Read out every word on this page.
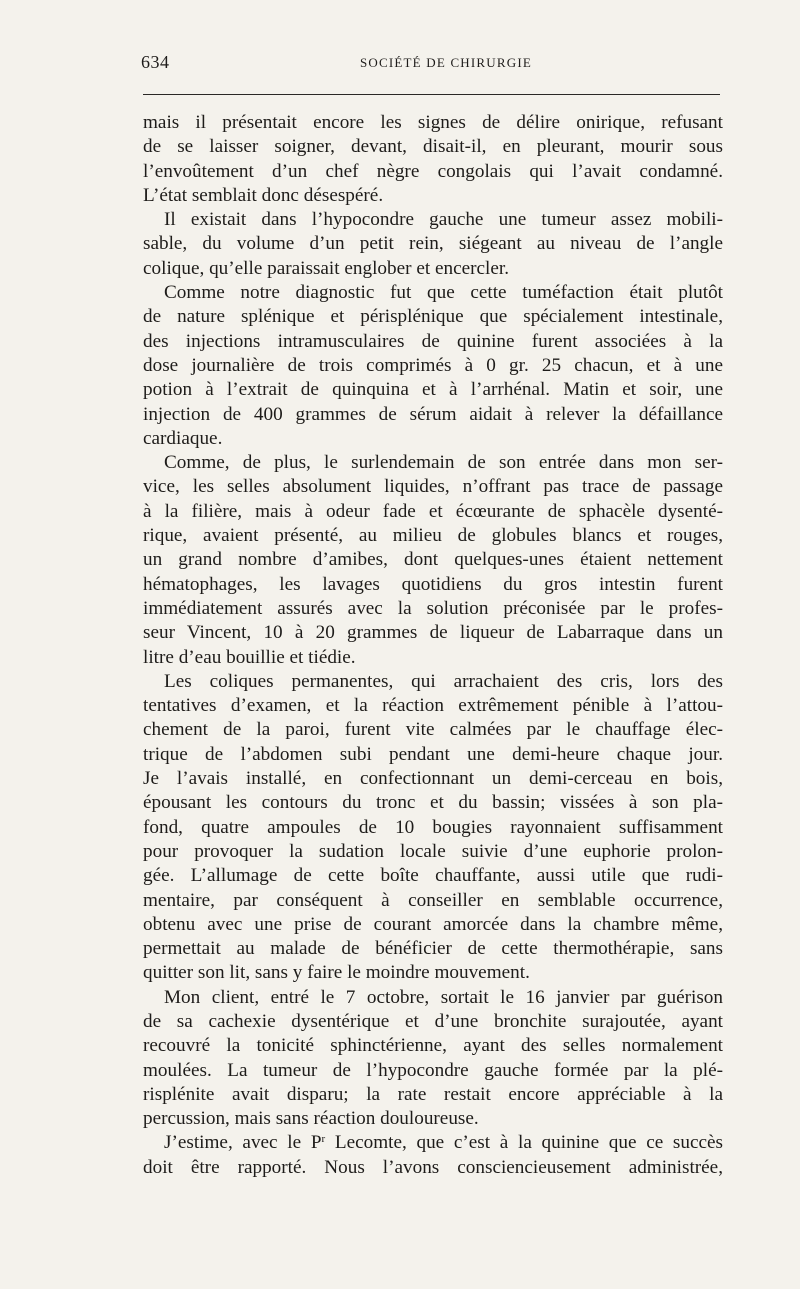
634	SOCIÉTÉ DE CHIRURGIE
mais il présentait encore les signes de délire onirique, refusant
de se laisser soigner, devant, disait-il, en pleurant, mourir sous
l’envoûtement d’un chef nègre congolais qui l’avait condamné.
L’état semblait donc désespéré.
Il existait dans l’hypocondre gauche une tumeur assez mobili-
sable, du volume d’un petit rein, siégeant au niveau de l’angle
colique, qu’elle paraissait englober et encercler.
Comme notre diagnostic fut que cette tuméfaction était plutôt
de nature splénique et périsplénique que spécialement intestinale,
des injections intramusculaires de quinine furent associées à la
dose journalière de trois comprimés à 0 gr. 25 chacun, et à une
potion à l’extrait de quinquina et à l’arrhénal. Matin et soir, une
injection de 400 grammes de sérum aidait à relever la défaillance
cardiaque.
Comme, de plus, le surlendemain de son entrée dans mon ser-
vice, les selles absolument liquides, n’offrant pas trace de passage
à la filière, mais à odeur fade et écœurante de sphacèle dysenté-
rique, avaient présenté, au milieu de globules blancs et rouges,
un grand nombre d’amibes, dont quelques-unes étaient nettement
hématophages, les lavages quotidiens du gros intestin furent
immédiatement assurés avec la solution préconisée par le profes-
seur Vincent, 10 à 20 grammes de liqueur de Labarraque dans un
litre d’eau bouillie et tiédie.
Les coliques permanentes, qui arrachaient des cris, lors des
tentatives d’examen, et la réaction extrêmement pénible à l’attou-
chement de la paroi, furent vite calmées par le chauffage élec-
trique de l’abdomen subi pendant une demi-heure chaque jour.
Je l’avais installé, en confectionnant un demi-cerceau en bois,
épousant les contours du tronc et du bassin; vissées à son pla-
fond, quatre ampoules de 10 bougies rayonnaient suffisamment
pour provoquer la sudation locale suivie d’une euphorie prolon-
gée. L’allumage de cette boîte chauffante, aussi utile que rudi-
mentaire, par conséquent à conseiller en semblable occurrence,
obtenu avec une prise de courant amorcée dans la chambre même,
permettait au malade de bénéficier de cette thermothérapie, sans
quitter son lit, sans y faire le moindre mouvement.
Mon client, entré le 7 octobre, sortait le 16 janvier par guérison
de sa cachexie dysentérique et d’une bronchite surajoutée, ayant
recouvré la tonicité sphinctérienne, ayant des selles normalement
moulées. La tumeur de l’hypocondre gauche formée par la plé-
risplénite avait disparu; la rate restait encore appréciable à la
percussion, mais sans réaction douloureuse.
J’estime, avec le $P^r$ Lecomte, que c’est à la quinine que ce succès
doit être rapporté. Nous l’avons consciencieusement administrée,
